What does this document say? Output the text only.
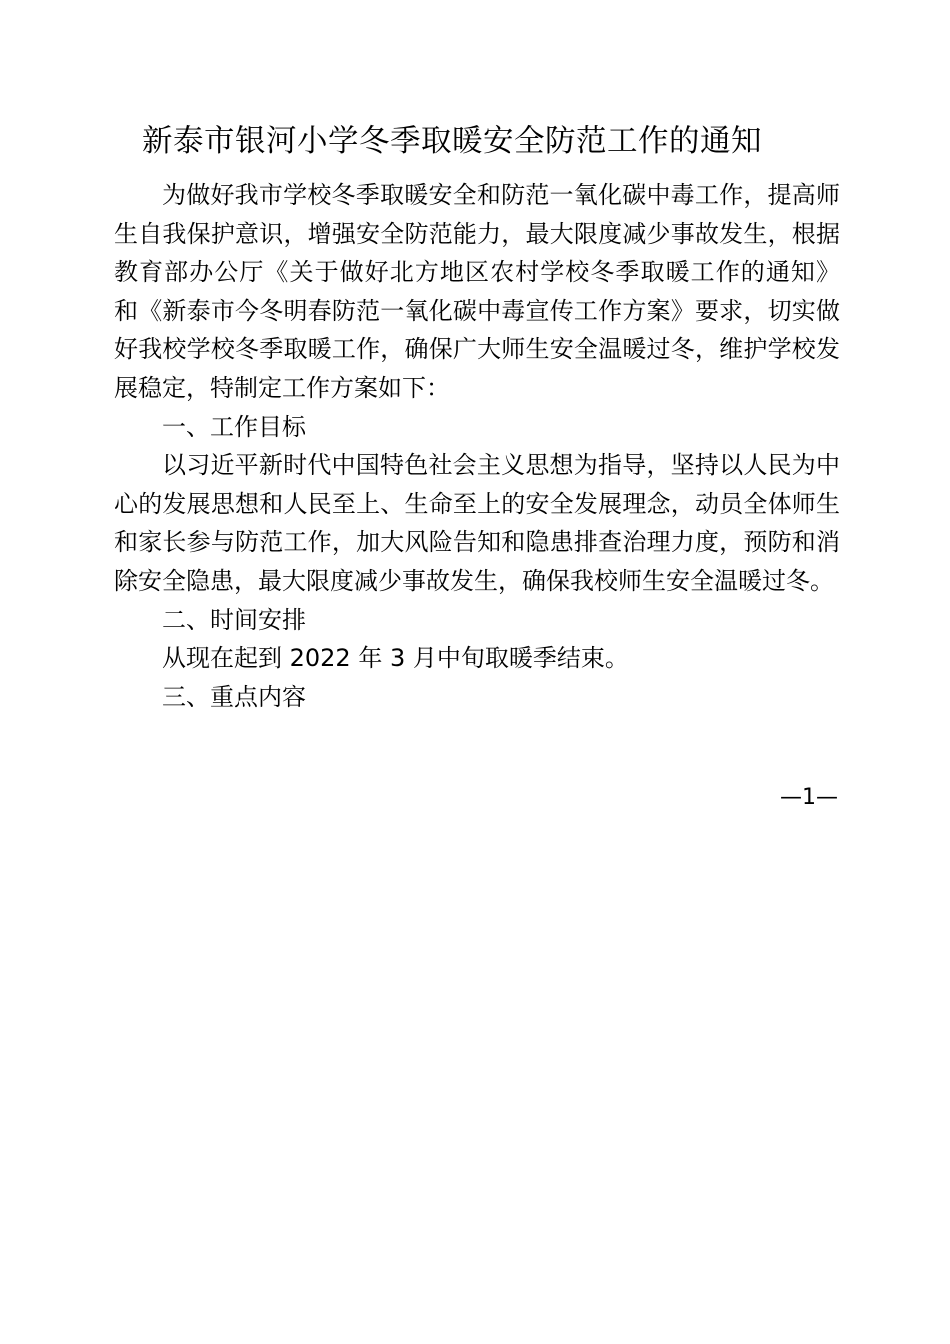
新泰市银河小学冬季取暖安全防范工作的通知

为做好我市学校冬季取暖安全和防范一氧化碳中毒工作，提高师生自我保护意识，增强安全防范能力，最大限度减少事故发生，根据教育部办公厅《关于做好北方地区农村学校冬季取暖工作的通知》 和《新泰市今冬明春防范一氧化碳中毒宣传工作方案》要求，切实做好我校学校冬季取暖工作，确保广大师生安全温暖过冬，维护学校发展稳定，特制定工作方案如下：

一、工作目标

以习近平新时代中国特色社会主义思想为指导，坚持以人民为中心的发展思想和人民至上、生命至上的安全发展理念，动员全体师生和家长参与防范工作，加大风险告知和隐患排查治理力度，预防和消除安全隐患，最大限度减少事故发生，确保我校师生安全温暖过冬。

二、时间安排

从现在起到 2022 年 3 月中旬取暖季结束。

三、重点内容

—1—
